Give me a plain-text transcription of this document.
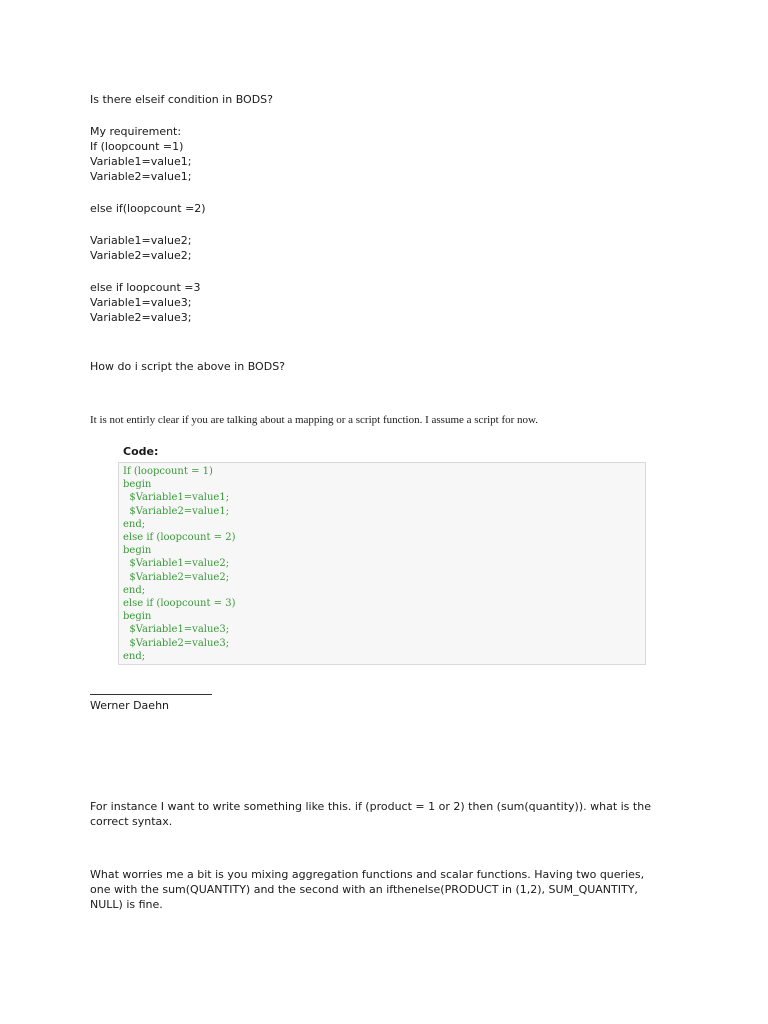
Is there elseif condition in BODS?
My requirement:
If (loopcount =1)
Variable1=value1;
Variable2=value1;
else if(loopcount =2)
Variable1=value2;
Variable2=value2;
else if loopcount =3
Variable1=value3;
Variable2=value3;
How do i script the above in BODS?
It is not entirly clear if you are talking about a mapping or a script function. I assume a script for now.
Code:
If (loopcount = 1)
begin
$Variable1=value1;
$Variable2=value1;
end;
else if (loopcount = 2)
begin
$Variable1=value2;
$Variable2=value2;
end;
else if (loopcount = 3)
begin
$Variable1=value3;
$Variable2=value3;
end;
Werner Daehn
For instance I want to write something like this. if (product = 1 or 2) then (sum(quantity)). what is the
correct syntax.
What worries me a bit is you mixing aggregation functions and scalar functions. Having two queries,
one with the sum(QUANTITY) and the second with an ifthenelse(PRODUCT in (1,2), SUM_QUANTITY,
NULL) is fine.
